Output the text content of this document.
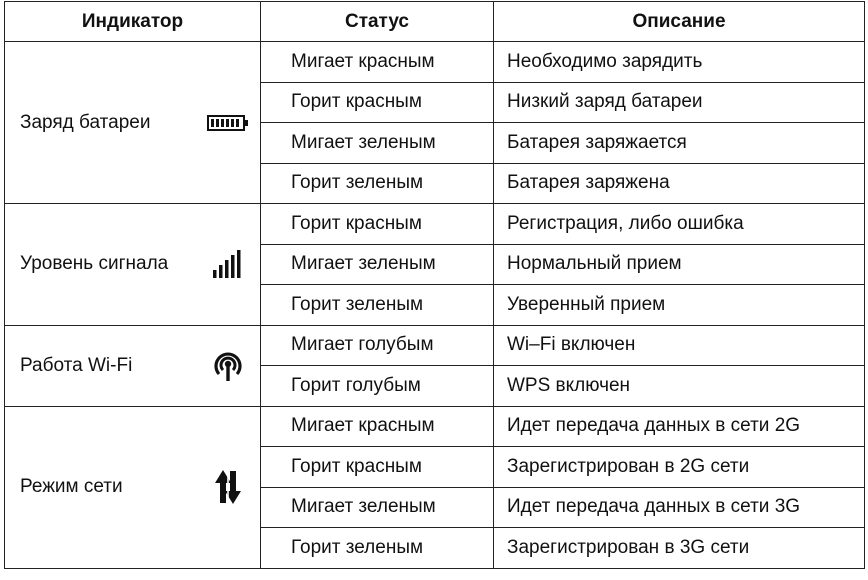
Индикатор	Статус	Описание

Заряд батареи	Мигает красным	Необходимо зарядить
	Горит красным	Низкий заряд батареи
	Мигает зеленым	Батарея заряжается
	Горит зеленым	Батарея заряжена

Уровень сигнала	Горит красным	Регистрация, либо ошибка
	Мигает зеленым	Нормальный прием
	Горит зеленым	Уверенный прием

Работа Wi-Fi	Мигает голубым	Wi–Fi включен
	Горит голубым	WPS включен

Режим сети	Мигает красным	Идет передача данных в сети 2G
	Горит красным	Зарегистрирован в 2G сети
	Мигает зеленым	Идет передача данных в сети 3G
	Горит зеленым	Зарегистрирован в 3G сети
